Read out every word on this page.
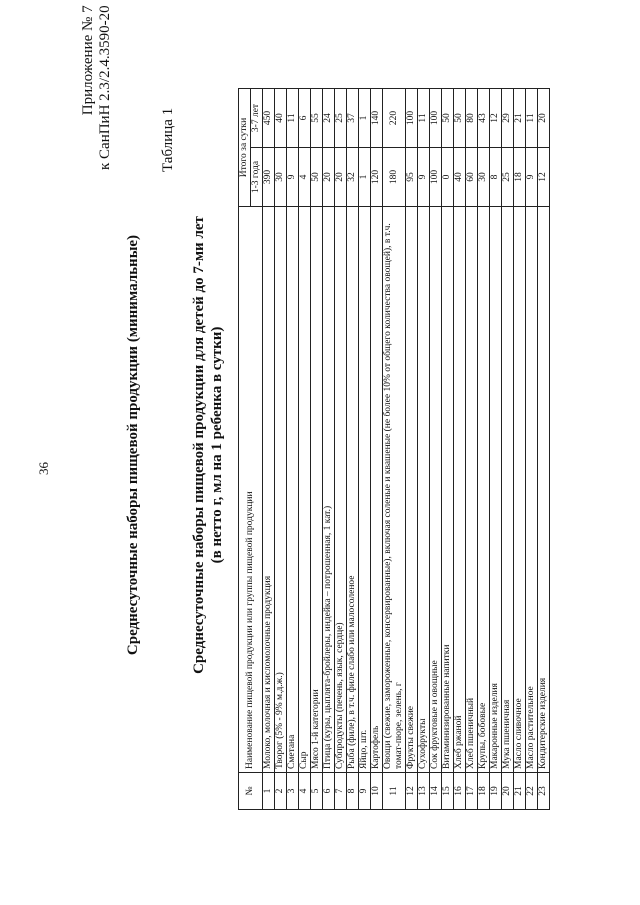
36
Приложение № 7 к СанПиН 2.3/2.4.3590-20
Среднесуточные наборы пищевой продукции (минимальные)	Среднесуточные наборы пищевой продукции для детей до 7-ми лет (в нетто г, мл на 1 ребенка в сутки)
Таблица 1
№	Наименование пищевой продукции или группы пищевой продукции	Итого за сутки	
		1-3 года	3-7 лет
1	Молоко, молочная и кисломолочные продукция	390	450
2	Творог (5% - 9% м.д.ж.)	30	40
3	Сметана	9	11
4	Сыр	4	6
5	Мясо 1-й категории	50	55
6	Птица (куры, цыплята-бройлеры, индейка – потрошенная, 1 кат.)	20	24
7	Субпродукты (печень, язык, сердце)	20	25
8	Рыба (филе), в т.ч. филе слабо или малосоленое	32	37
9	Яйцо, шт.	1	1
10	Картофель	120	140
11	Овощи (свежие, замороженные, консервированные), включая соленые и квашеные (не более 10% от общего количества овощей), в т.ч. томат-пюре, зелень, г	180	220
12	Фрукты свежие	95	100
13	Сухофрукты	9	11
14	Сок фруктовые и овощные	100	100
15	Витаминизированные напитки	0	50
16	Хлеб ржаной	40	50
17	Хлеб пшеничный	60	80
18	Крупы, бобовые	30	43
19	Макаронные изделия	8	12
20	Мука пшеничная	25	29
21	Масло сливочное	18	21
22	Масло растительное	9	11
23	Кондитерские изделия	12	20
